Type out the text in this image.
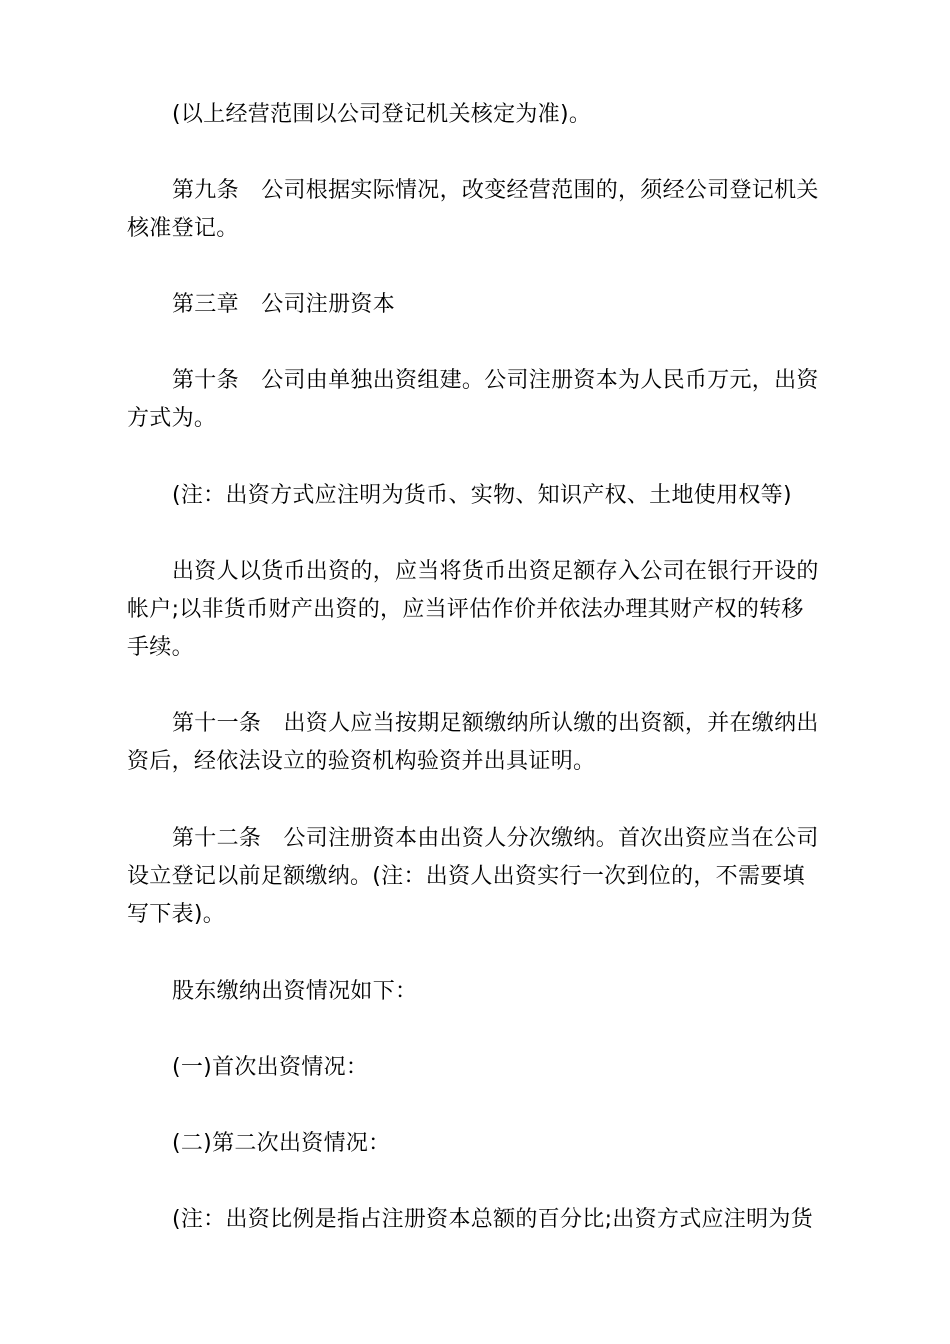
(以上经营范围以公司登记机关核定为准)。

第九条　公司根据实际情况，改变经营范围的，须经公司登记机关
核准登记。

第三章　公司注册资本

第十条　公司由单独出资组建。公司注册资本为人民币万元，出资
方式为。

(注：出资方式应注明为货币、实物、知识产权、土地使用权等)

出资人以货币出资的，应当将货币出资足额存入公司在银行开设的
帐户;以非货币财产出资的，应当评估作价并依法办理其财产权的转移
手续。

第十一条　出资人应当按期足额缴纳所认缴的出资额，并在缴纳出
资后，经依法设立的验资机构验资并出具证明。

第十二条　公司注册资本由出资人分次缴纳。首次出资应当在公司
设立登记以前足额缴纳。(注：出资人出资实行一次到位的，不需要填
写下表)。

股东缴纳出资情况如下：

(一)首次出资情况：

(二)第二次出资情况：

(注：出资比例是指占注册资本总额的百分比;出资方式应注明为货
